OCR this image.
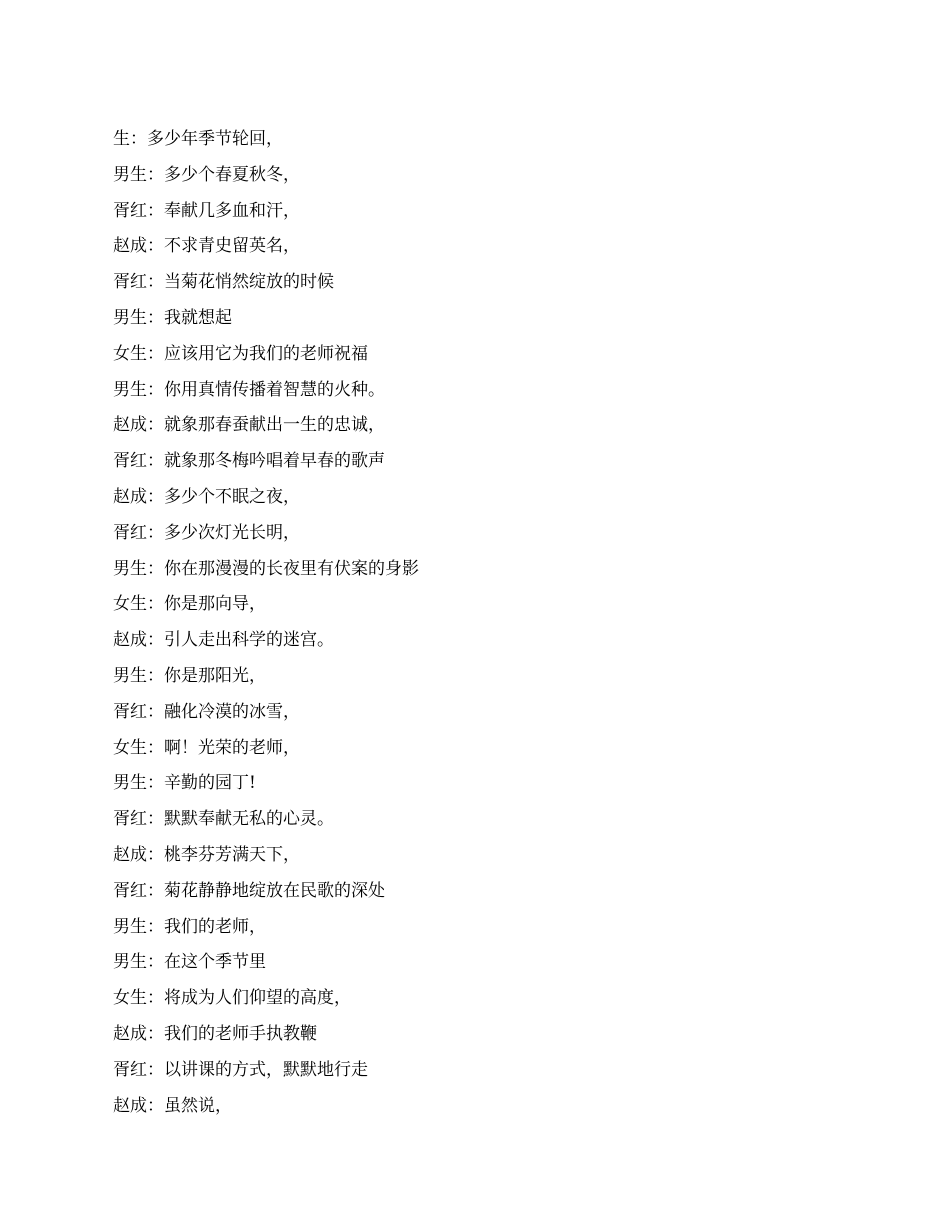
生：多少年季节轮回，
男生：多少个春夏秋冬，
胥红：奉献几多血和汗，
赵成：不求青史留英名，
胥红：当菊花悄然绽放的时候
男生：我就想起
女生：应该用它为我们的老师祝福
男生：你用真情传播着智慧的火种。
赵成：就象那春蚕献出一生的忠诚，
胥红：就象那冬梅吟唱着早春的歌声
赵成：多少个不眠之夜，
胥红：多少次灯光长明，
男生：你在那漫漫的长夜里有伏案的身影
女生：你是那向导，
赵成：引人走出科学的迷宫。
男生：你是那阳光，
胥红：融化冷漠的冰雪，
女生：啊！光荣的老师，
男生：辛勤的园丁!
胥红：默默奉献无私的心灵。
赵成：桃李芬芳满天下，
胥红：菊花静静地绽放在民歌的深处
男生：我们的老师，
男生：在这个季节里
女生：将成为人们仰望的高度，
赵成：我们的老师手执教鞭
胥红：以讲课的方式，默默地行走
赵成：虽然说，
